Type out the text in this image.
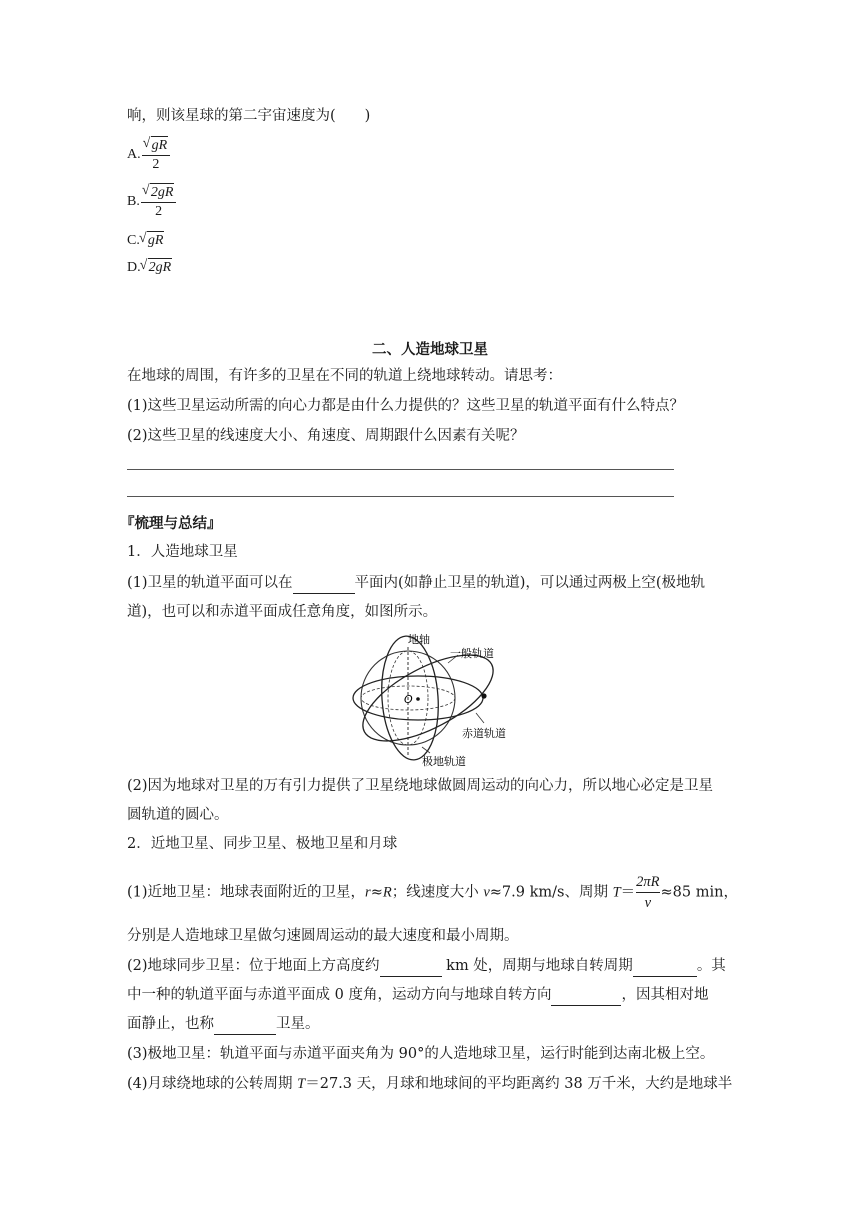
响，则该星球的第二宇宙速度为(　　)
A. √ $\frac{gR}{2}$
B. √ $\frac{2gR}{2}$
C. √ gR
D. √ 2gR
二、人造地球卫星
在地球的周围，有许多的卫星在不同的轨道上绕地球转动。请思考：
(1)这些卫星运动所需的向心力都是由什么力提供的？这些卫星的轨道平面有什么特点？
(2)这些卫星的线速度大小、角速度、周期跟什么因素有关呢？
『梳理与总结』
1．人造地球卫星
(1)卫星的轨道平面可以在	平面内(如静止卫星的轨道)，可以通过两极上空(极地轨
道)，也可以和赤道平面成任意角度，如图所示。
O
地轴
一般轨道
赤道轨道
极地轨道
(2)因为地球对卫星的万有引力提供了卫星绕地球做圆周运动的向心力，所以地心必定是卫星
圆轨道的圆心。
2．近地卫星、同步卫星、极地卫星和月球
(1)近地卫星：地球表面附近的卫星，r≈R；线速度大小 v≈7.9 km/s、周期 $T= \frac{2\pi R}{v} \approx 85$ min，
分别是人造地球卫星做匀速圆周运动的最大速度和最小周期。
(2)地球同步卫星：位于地面上方高度约	km 处，周期与地球自转周期	。其
中一种的轨道平面与赤道平面成 0 度角，运动方向与地球自转方向	，因其相对地
面静止，也称	卫星。
(3)极地卫星：轨道平面与赤道平面夹角为 90°的人造地球卫星，运行时能到达南北极上空。
(4)月球绕地球的公转周期 T＝27.3 天，月球和地球间的平均距离约 38 万千米，大约是地球半
